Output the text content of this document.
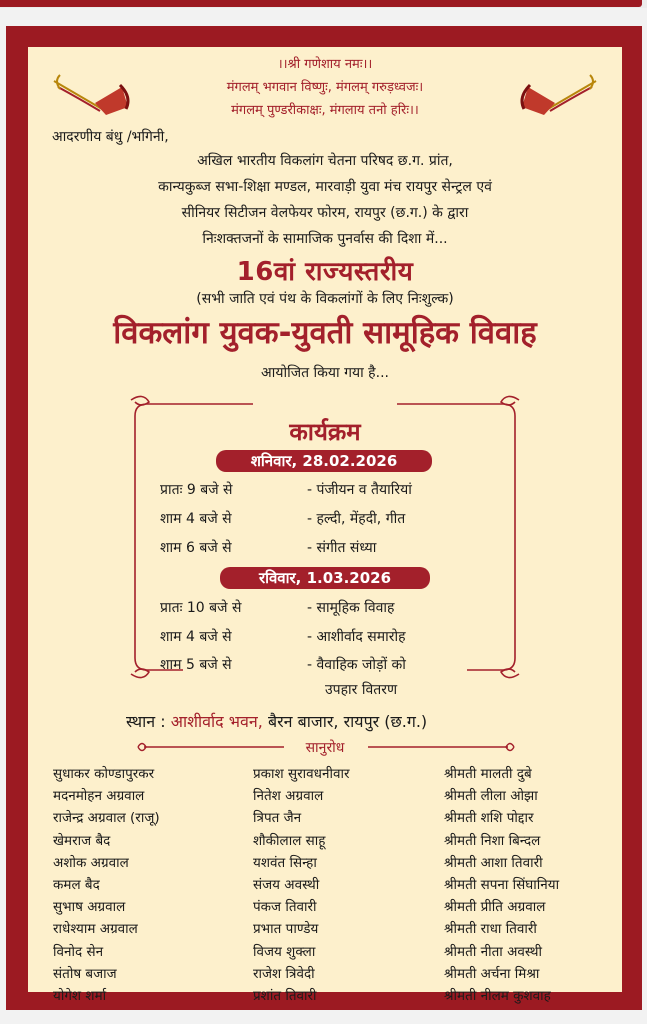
।।श्री गणेशाय नमः।।
मंगलम् भगवान विष्णुः, मंगलम् गरुड़ध्वजः।
मंगलम् पुण्डरीकाक्षः, मंगलाय तनो हरिः।।
आदरणीय बंधु /भगिनी,
अखिल भारतीय विकलांग चेतना परिषद छ.ग. प्रांत,
कान्यकुब्ज सभा-शिक्षा मण्डल, मारवाड़ी युवा मंच रायपुर सेन्ट्रल एवं
सीनियर सिटीजन वेलफेयर फोरम, रायपुर (छ.ग.) के द्वारा
निःशक्तजनों के सामाजिक पुनर्वास की दिशा में...
16वां राज्यस्तरीय
(सभी जाति एवं पंथ के विकलांगों के लिए निःशुल्क)
विकलांग युवक-युवती सामूहिक विवाह
आयोजित किया गया है...
कार्यक्रम
शनिवार, 28.02.2026
प्रातः 9 बजे से	- पंजीयन व तैयारियां
शाम 4 बजे से	- हल्दी, मेंहदी, गीत
शाम 6 बजे से	- संगीत संध्या
रविवार, 1.03.2026
प्रातः 10 बजे से	- सामूहिक विवाह
शाम 4 बजे से	- आशीर्वाद समारोह
शाम 5 बजे से	- वैवाहिक जोड़ों को
उपहार वितरण
स्थान : आशीर्वाद भवन, बैरन बाजार, रायपुर (छ.ग.)
सानुरोध
सुधाकर कोण्डापुरकर
मदनमोहन अग्रवाल
राजेन्द्र अग्रवाल (राजू)
खेमराज बैद
अशोक अग्रवाल
कमल बैद
सुभाष अग्रवाल
राधेश्याम अग्रवाल
विनोद सेन
संतोष बजाज
योगेश शर्मा
प्रकाश सुरावधनीवार
नितेश अग्रवाल
त्रिपत जैन
शौकीलाल साहू
यशवंत सिन्हा
संजय अवस्थी
पंकज तिवारी
प्रभात पाण्डेय
विजय शुक्ला
राजेश त्रिवेदी
प्रशांत तिवारी
श्रीमती मालती दुबे
श्रीमती लीला ओझा
श्रीमती शशि पोद्दार
श्रीमती निशा बिन्दल
श्रीमती आशा तिवारी
श्रीमती सपना सिंघानिया
श्रीमती प्रीति अग्रवाल
श्रीमती राधा तिवारी
श्रीमती नीता अवस्थी
श्रीमती अर्चना मिश्रा
श्रीमती नीलम कुशवाह
